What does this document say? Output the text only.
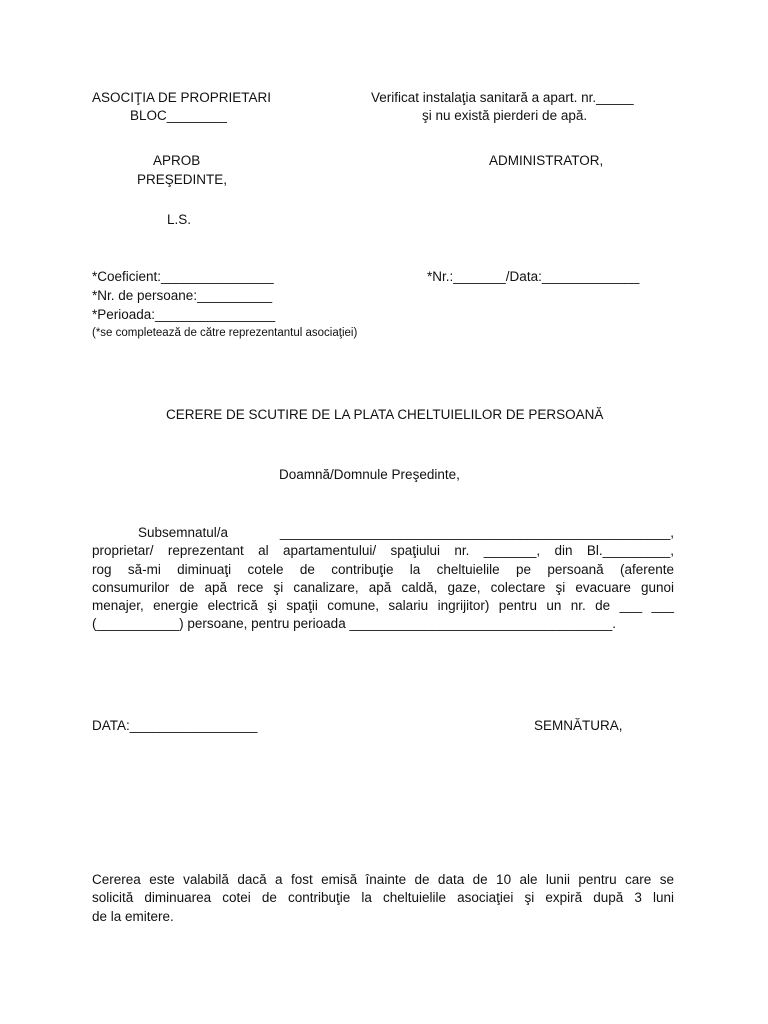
ASOCIŢIA DE PROPRIETARI
BLOC________
Verificat instalaţia sanitară a apart. nr._____
şi nu există pierderi de apă.
APROB
PREŞEDINTE,
ADMINISTRATOR,
L.S.
*Coeficient:_______________	*Nr.:_______/Data:_____________
*Nr. de persoane:__________
*Perioada:________________
(*se completează de către reprezentantul asociaţiei)
CERERE DE SCUTIRE DE LA PLATA CHELTUIELILOR DE PERSOANĂ
Doamnă/Domnule Preşedinte,
Subsemnatul/a ____________________________________________________,
proprietar/ reprezentant al apartamentului/ spaţiului nr. _______, din Bl._________,
rog să-mi diminuaţi cotele de contribuţie la cheltuielile pe persoană (aferente
consumurilor de apă rece şi canalizare, apă caldă, gaze, colectare şi evacuare gunoi
menajer, energie electrică şi spaţii comune, salariu ingrijitor) pentru un nr. de ___ ___
(___________) persoane, pentru perioada ___________________________________.
DATA:_________________	SEMNĂTURA,
Cererea este valabilă dacă a fost emisă înainte de data de 10 ale lunii pentru care se
solicită diminuarea cotei de contribuţie la cheltuielile asociaţiei şi expiră după 3 luni
de la emitere.
